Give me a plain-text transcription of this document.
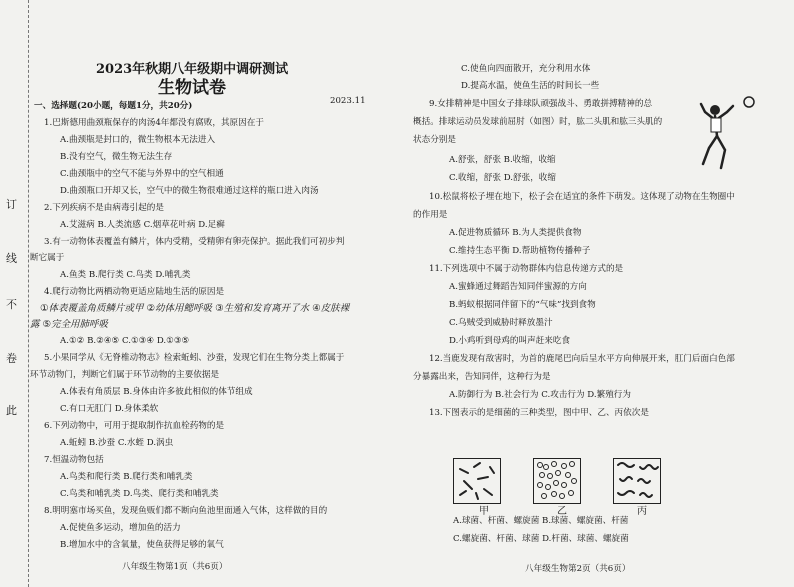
订
线
不
卷
此
2023年秋期八年级期中调研测试
生物试卷
2023.11
一、选择题(20小题，每题1分，共20分)
1.巴斯德用曲颈瓶保存的肉汤4年都没有腐败，其原因在于
A.曲颈瓶是封口的，微生物根本无法进入
B.没有空气，微生物无法生存
C.曲颈瓶中的空气不能与外界中的空气相通
D.曲颈瓶口开却又长，空气中的微生物很难通过这样的瓶口进入肉汤
2.下列疾病不是由病毒引起的是
A.艾滋病 B.人类流感 C.烟草花叶病 D.足癣
3.有一动物体表覆盖有鳞片，体内受精，受精卵有卵壳保护。据此我们可初步判
断它属于
A.鱼类 B.爬行类 C.鸟类 D.哺乳类
4.爬行动物比两栖动物更适应陆地生活的原因是
①体表覆盖角质鳞片或甲 ②幼体用鳃呼吸 ③生殖和发育离开了水 ④皮肤裸
露 ⑤完全用肺呼吸
A.①② B.②④⑤ C.①③④ D.①③⑤
5.小果同学从《无脊椎动物志》检索蚯蚓、沙蚕，发现它们在生物分类上都属于
环节动物门，判断它们属于环节动物的主要依据是
A.体表有角质层 B.身体由许多彼此相似的体节组成
C.有口无肛门 D.身体柔软
6.下列动物中，可用于提取制作抗血栓药物的是
A.蚯蚓 B.沙蚕 C.水蛭 D.涡虫
7.恒温动物包括
A.鸟类和爬行类 B.爬行类和哺乳类
C.鸟类和哺乳类 D.鸟类、爬行类和哺乳类
8.明明塞市场买鱼，发现鱼贩们都不断向鱼池里面通入气体，这样做的目的
A.促使鱼多运动，增加鱼的活力
B.增加水中的含氧量，使鱼获得足够的氧气
八年级生物第1页（共6页）
C.使鱼向四面散开，充分利用水体
D.提高水温，使鱼生活的时间长一些
9.女排精神是中国女子排球队顽强战斗、勇敢拼搏精神的总
概括。排球运动员发球前屈肘（如图）时，肱二头肌和肱三头肌的
状态分别是
A.舒张，舒张 B.收缩，收缩
C.收缩，舒张 D.舒张，收缩
10.松鼠将松子埋在地下，松子会在适宜的条件下萌发。这体现了动物在生物圈中
的作用是
A.促进物质循环 B.为人类提供食物
C.维持生态平衡 D.帮助植物传播种子
11.下列选项中不属于动物群体内信息传递方式的是
A.蜜蜂通过舞蹈告知同伴蜜源的方向
B.蚂蚁根据同伴留下的“气味”找到食物
C.乌贼受到威胁时释放墨汁
D.小鸡听到母鸡的叫声赶来吃食
12.当鹿发现有敌害时，为首的鹿尾巴向后呈水平方向伸展开来，肛门后面白色部
分暴露出来，告知同伴，这种行为是
A.防御行为 B.社会行为 C.攻击行为 D.繁殖行为
13.下图表示的是细菌的三种类型，图中甲、乙、丙依次是
甲	乙	丙
A.球菌、杆菌、螺旋菌 B.球菌、螺旋菌、杆菌
C.螺旋菌、杆菌、球菌 D.杆菌、球菌、螺旋菌
八年级生物第2页（共6页）
